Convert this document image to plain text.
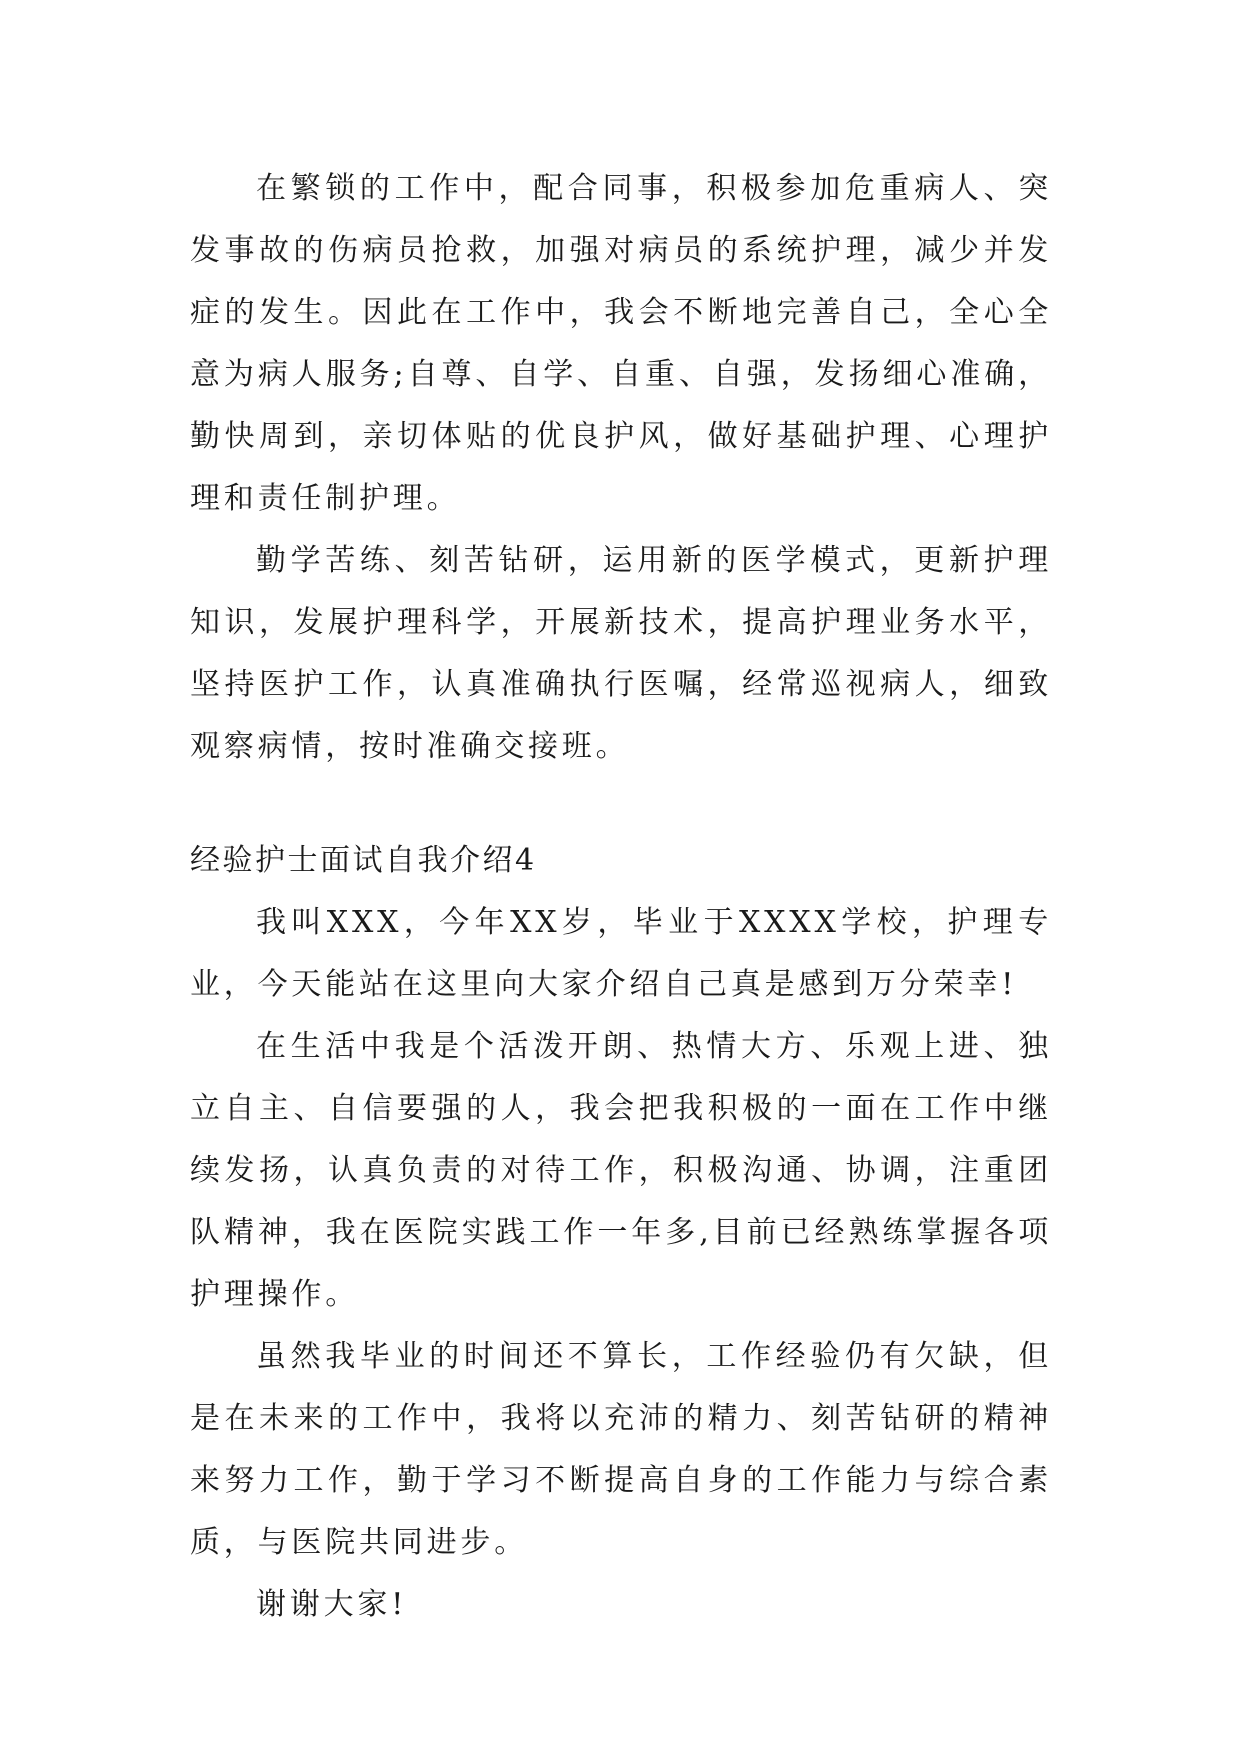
在繁锁的工作中，配合同事，积极参加危重病人、突发事故的伤病员抢救，加强对病员的系统护理，减少并发症的发生。因此在工作中，我会不断地完善自己，全心全意为病人服务;自尊、自学、自重、自强，发扬细心准确，勤快周到，亲切体贴的优良护风，做好基础护理、心理护理和责任制护理。

勤学苦练、刻苦钻研，运用新的医学模式，更新护理知识，发展护理科学，开展新技术，提高护理业务水平，坚持医护工作，认真准确执行医嘱，经常巡视病人，细致观察病情，按时准确交接班。

经验护士面试自我介绍4

我叫XXX，今年XX岁，毕业于XXXX学校，护理专业，今天能站在这里向大家介绍自己真是感到万分荣幸!

在生活中我是个活泼开朗、热情大方、乐观上进、独立自主、自信要强的人，我会把我积极的一面在工作中继续发扬，认真负责的对待工作，积极沟通、协调，注重团队精神，我在医院实践工作一年多,目前已经熟练掌握各项护理操作。

虽然我毕业的时间还不算长，工作经验仍有欠缺，但是在未来的工作中，我将以充沛的精力、刻苦钻研的精神来努力工作，勤于学习不断提高自身的工作能力与综合素质，与医院共同进步。

谢谢大家!
